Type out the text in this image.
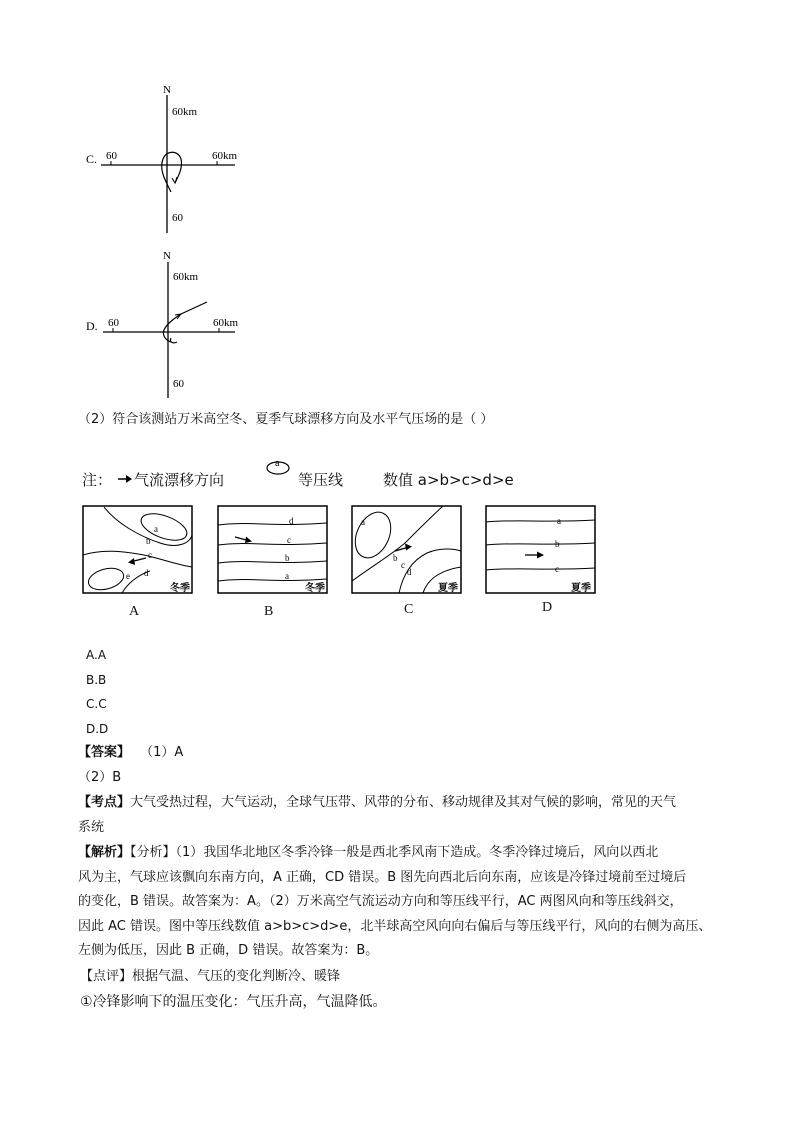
C.
N
60km
60km
60
60
D.
N
60km
60km
60
60
（2）符合该测站万米高空冬、夏季气球漂移方向及水平气压场的是（ ）
注： 气流漂移方向
a
等压线	数值 a>b>c>d>e
a
b
c
d
e
冬季
A
d
c
b
a
冬季
B
a
b
c
d
夏季
C
a
b
c
夏季
D
A.A
B.B
C.C
D.D
【答案】 （1）A
（2）B
【考点】大气受热过程，大气运动，全球气压带、风带的分布、移动规律及其对气候的影响，常见的天气
系统
【解析】【分析】（1）我国华北地区冬季冷锋一般是西北季风南下造成。冬季冷锋过境后，风向以西北
风为主，气球应该飘向东南方向，A 正确，CD 错误。B 图先向西北后向东南，应该是冷锋过境前至过境后
的变化，B 错误。故答案为：A。（2）万米高空气流运动方向和等压线平行，AC 两图风向和等压线斜交，
因此 AC 错误。图中等压线数值 a>b>c>d>e，北半球高空风向向右偏后与等压线平行，风向的右侧为高压、
左侧为低压，因此 B 正确，D 错误。故答案为：B。
【点评】根据气温、气压的变化判断冷、暖锋
①冷锋影响下的温压变化：气压升高，气温降低。
